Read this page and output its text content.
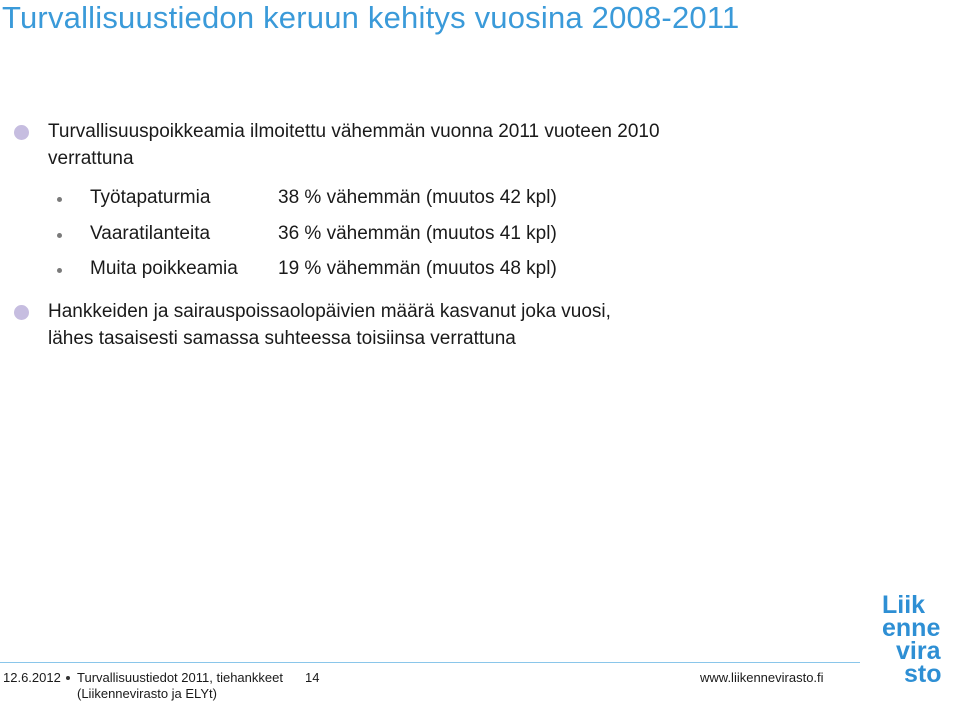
Turvallisuustiedon keruun kehitys vuosina 2008-2011
Turvallisuuspoikkeamia ilmoitettu vähemmän vuonna 2011 vuoteen 2010
verrattuna
Työtapaturmia	38 % vähemmän (muutos 42 kpl)
Vaaratilanteita	36 % vähemmän (muutos 41 kpl)
Muita poikkeamia 19 % vähemmän (muutos 48 kpl)
Hankkeiden ja sairauspoissaolopäivien määrä kasvanut joka vuosi,
lähes tasaisesti samassa suhteessa toisiinsa verrattuna
12.6.2012 Turvallisuustiedot 2011, tiehankkeet
(Liikennevirasto ja ELYt)
14	www.liikennevirasto.fi
Liik
enne
vira
sto
